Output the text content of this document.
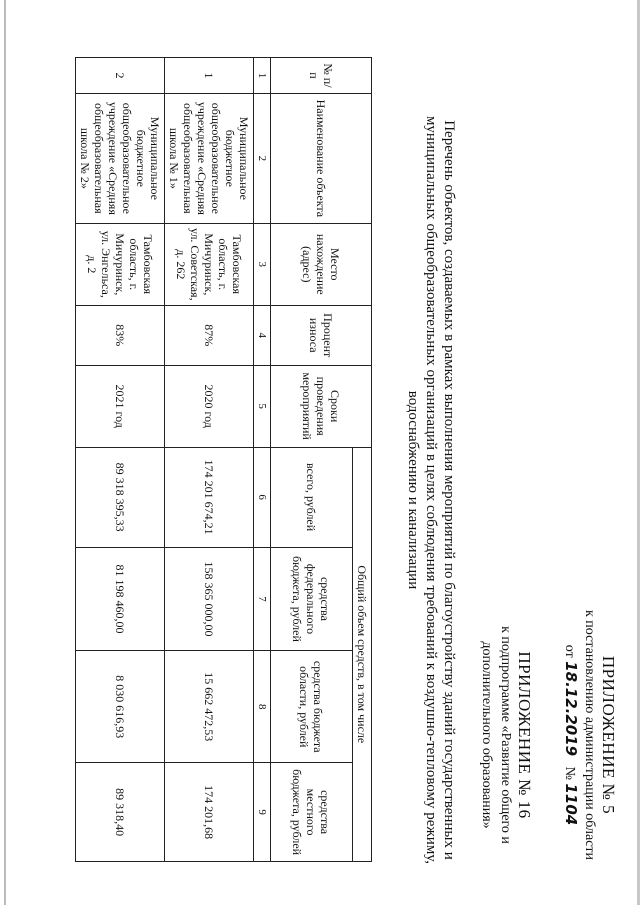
ПРИЛОЖЕНИЕ № 5
к постановлению администрации области
от 18.12.2019   № 1104
ПРИЛОЖЕНИЕ № 16
к подпрограмме «Развитие общего и
дополнительного образования»
Перечень объектов, создаваемых в рамках выполнения мероприятий по благоустройству зданий государственных и муниципальных общеобразовательных организаций в целях соблюдения требований к воздушно-тепловому режиму, водоснабжению и канализации
№ п/п	Наименование объекта	Место нахождение (адрес)	Процент износа	Сроки проведения мероприятий	Общий объем средств, в том числе			
					всего, рублей	средства федерального бюджета, рублей	средства бюджета области, рублей	средства местного бюджета, рублей
1	2	3	4	5	6	7	8	9
1	Муниципальное бюджетное общеобразовательное учреждение «Средняя общеобразовательная школа № 1»	Тамбовская область, г. Мичуринск, ул. Советская, д. 262	87%	2020 год	174 201 674,21	158 365 000,00	15 662 472,53	174 201,68
2	Муниципальное бюджетное общеобразовательное учреждение «Средняя общеобразовательная школа № 2»	Тамбовская область, г. Мичуринск, ул. Энгельса, д. 2	83%	2021 год	89 318 395,33	81 198 460,00	8 030 616,93	89 318,40
